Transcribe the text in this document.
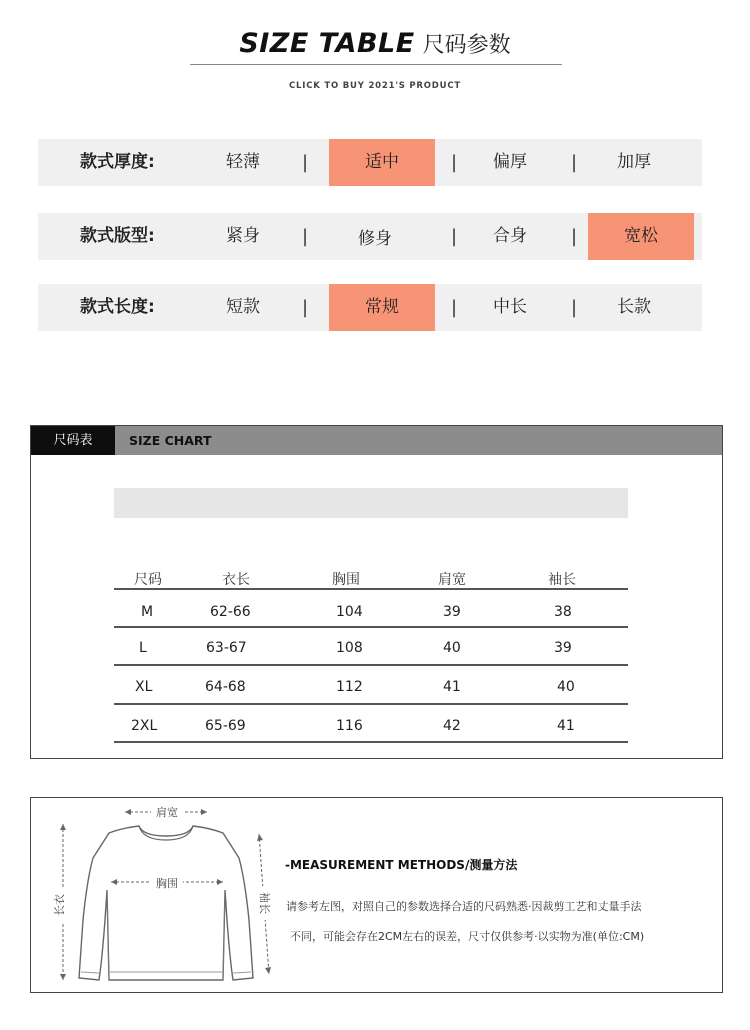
SIZE TABLE 尺码参数
CLICK TO BUY 2021'S PRODUCT
款式厚度:	轻薄	|	适中	|	偏厚	|	加厚
款式版型:	紧身	|	修身	|	合身	|	宽松
款式长度:	短款	|	常规	|	中长	|	长款
尺码表	SIZE CHART
尺码	衣长	胸围	肩宽	袖长
M	62-66	104	39	38
L	63-67	108	40	39
XL	64-68	112	41	40
2XL	65-69	116	42	41
肩宽
胸围
长衣	袖长
-MEASUREMENT METHODS/测量方法
请参考左图，对照自己的参数选择合适的尺码熟悉·因裁剪工艺和丈量手法
不同，可能会存在2CM左右的误差，尺寸仅供参考·以实物为准(单位:CM)
